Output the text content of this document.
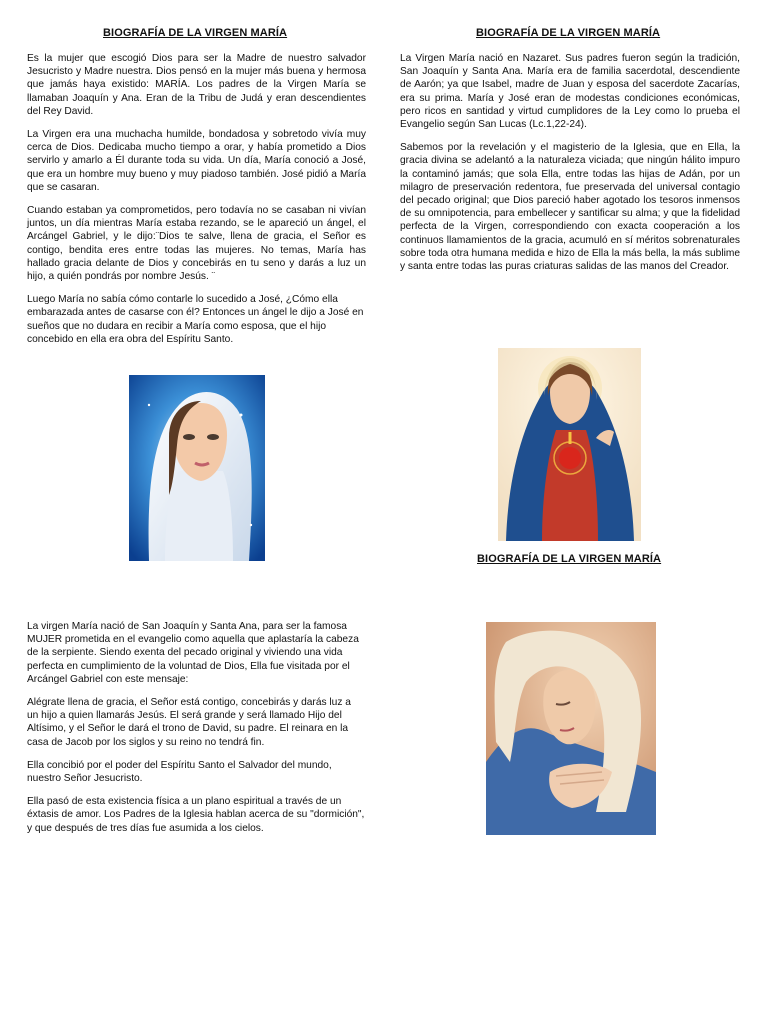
BIOGRAFÍA DE LA VIRGEN MARÍA	BIOGRAFÍA DE LA VIRGEN MARÍA
BIOGRAFÍA DE LA VIRGEN MARÍA

Es la mujer que escogió Dios para ser la Madre de nuestro salvador Jesucristo y Madre nuestra. Dios pensó en la mujer más buena y hermosa que jamás haya existido: MARÍA. Los padres de la Virgen María se llamaban Joaquín y Ana. Eran de la Tribu de Judá y eran descendientes del Rey David.

La Virgen era una muchacha humilde, bondadosa y sobretodo vivía muy cerca de Dios. Dedicaba mucho tiempo a orar, y había prometido a Dios servirlo y amarlo a Él durante toda su vida. Un día, María conoció a José, que era un hombre muy bueno y muy piadoso también. José pidió a María que se casaran.

Cuando estaban ya comprometidos, pero todavía no se casaban ni vivían juntos, un día mientras María estaba rezando, se le apareció un ángel, el Arcángel Gabriel, y le dijo:¨Dios te salve, llena de gracia, el Señor es contigo, bendita eres entre todas las mujeres. No temas, María has hallado gracia delante de Dios y concebirás en tu seno y darás a luz un hijo, a quién pondrás por nombre Jesús. ¨

Luego María no sabía cómo contarle lo sucedido a José, ¿Cómo ella embarazada antes de casarse con él? Entonces un ángel le dijo a José en sueños que no dudara en recibir a María como esposa, que el hijo concebido en ella era obra del Espíritu Santo.

La Virgen María nació en Nazaret. Sus padres fueron según la tradición, San Joaquín y Santa Ana. María era de familia sacerdotal, descendiente de Aarón; ya que Isabel, madre de Juan y esposa del sacerdote Zacarías, era su prima. María y José eran de modestas condiciones económicas, pero ricos en santidad y virtud cumplidores de la Ley como lo prueba el Evangelio según San Lucas (Lc.1,22-24).

Sabemos por la revelación y el magisterio de la Iglesia, que en Ella, la gracia divina se adelantó a la naturaleza viciada; que ningún hálito impuro la contaminó jamás; que sola Ella, entre todas las hijas de Adán, por un milagro de preservación redentora, fue preservada del universal contagio del pecado original; que Dios pareció haber agotado los tesoros inmensos de su omnipotencia, para embellecer y santificar su alma; y que la fidelidad perfecta de la Virgen, correspondiendo con exacta cooperación a los continuos llamamientos de la gracia, acumuló en sí méritos sobrenaturales sobre toda otra humana medida e hizo de Ella la más bella, la más sublime y santa entre todas las puras criaturas salidas de las manos del Creador.

La virgen María nació de San Joaquín y Santa Ana, para ser la famosa MUJER prometida en el evangelio como aquella que aplastaría la cabeza de la serpiente. Siendo exenta del pecado original y viviendo una vida perfecta en cumplimiento de la voluntad de Dios, Ella fue visitada por el Arcángel Gabriel con este mensaje:

Alégrate llena de gracia, el Señor está contigo, concebirás y darás luz a un hijo a quien llamarás Jesús. El será grande y será llamado Hijo del Altísimo, y el Señor le dará el trono de David, su padre. El reinara en la casa de Jacob por los siglos y su reino no tendrá fin.

Ella concibió por el poder del Espíritu Santo el Salvador del mundo, nuestro Señor Jesucristo.

Ella pasó de esta existencia física a un plano espiritual a través de un éxtasis de amor. Los Padres de la Iglesia hablan acerca de su "dormición", y que después de tres días fue asumida a los cielos.
